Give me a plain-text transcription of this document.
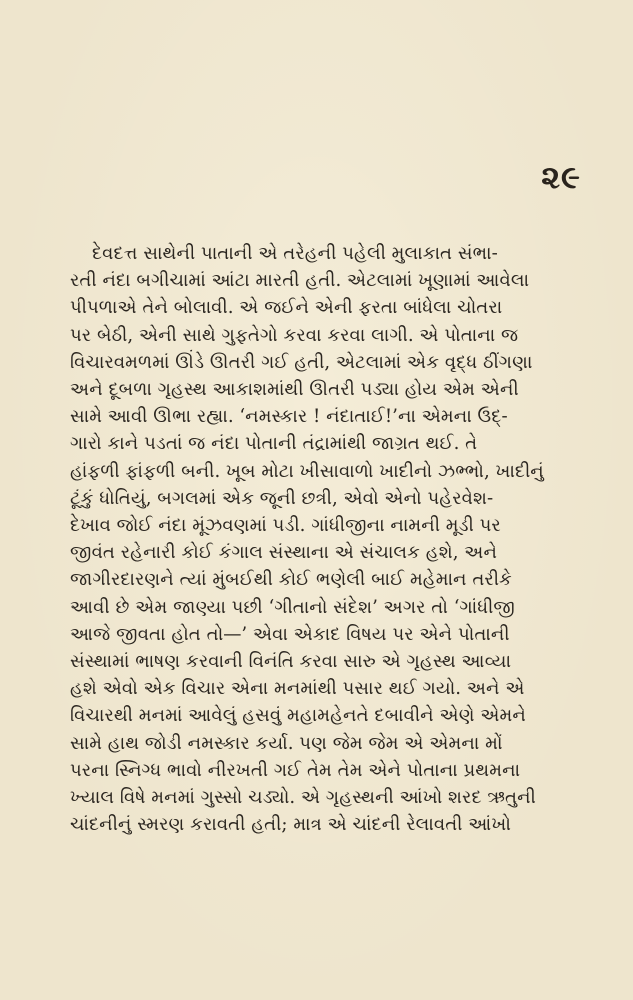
૨૯
દેવદત્ત સાથેની પાતાની એ તરેહની પહેલી મુલાકાત સંભા-
રતી નંદા બગીચામાં આંટા મારતી હતી. એટલામાં ખૂણામાં આવેલા
પીપળાએ તેને બોલાવી. એ જઈને એની ફરતા બાંધેલા ચોતરા
પર બેઠી, એની સાથે ગુફતેગો કરવા કરવા લાગી. એ પોતાના જ
વિચારવમળમાં ઊંડે ઊતરી ગઈ હતી, એટલામાં એક વૃદ્ધ ઠીંગણા
અને દૂબળા ગૃહસ્થ આકાશમાંથી ઊતરી પડ્યા હોય એમ એની
સામે આવી ઊભા રહ્યા. ‘નમસ્કાર ! નંદાતાઈ!’ના એમના ઉદ્-
ગારો કાને પડતાં જ નંદા પોતાની તંદ્રામાંથી જાગ્રત થઈ. તે
હાંફળી ફાંફળી બની. ખૂબ મોટા ખીસાવાળો ખાદીનો ઝભ્ભો, ખાદીનું
ટૂંકું ધોતિયું, બગલમાં એક જૂની છત્રી, એવો એનો પહેરવેશ-
દેખાવ જોઈ નંદા મૂંઝવણમાં પડી. ગાંધીજીના નામની મૂડી પર
જીવંત રહેનારી કોઈ કંગાલ સંસ્થાના એ સંચાલક હશે, અને
જાગીરદારણને ત્યાં મુંબઈથી કોઈ ભણેલી બાઈ મહેમાન તરીકે
આવી છે એમ જાણ્યા પછી ‘ગીતાનો સંદેશ’ અગર તો ‘ગાંધીજી
આજે જીવતા હોત તો—’ એવા એકાદ વિષય પર એને પોતાની
સંસ્થામાં ભાષણ કરવાની વિનંતિ કરવા સારુ એ ગૃહસ્થ આવ્યા
હશે એવો એક વિચાર એના મનમાંથી પસાર થઈ ગયો. અને એ
વિચારથી મનમાં આવેલું હસવું મહામહેનતે દબાવીને એણે એમને
સામે હાથ જોડી નમસ્કાર કર્યા. પણ જેમ જેમ એ એમના મોં
પરના સ્નિગ્ધ ભાવો નીરખતી ગઈ તેમ તેમ એને પોતાના પ્રથમના
ખ્યાલ વિષે મનમાં ગુસ્સો ચડ્યો. એ ગૃહસ્થની આંખો શરદ ઋતુની
ચાંદનીનું સ્મરણ કરાવતી હતી; માત્ર એ ચાંદની રેલાવતી આંખો
